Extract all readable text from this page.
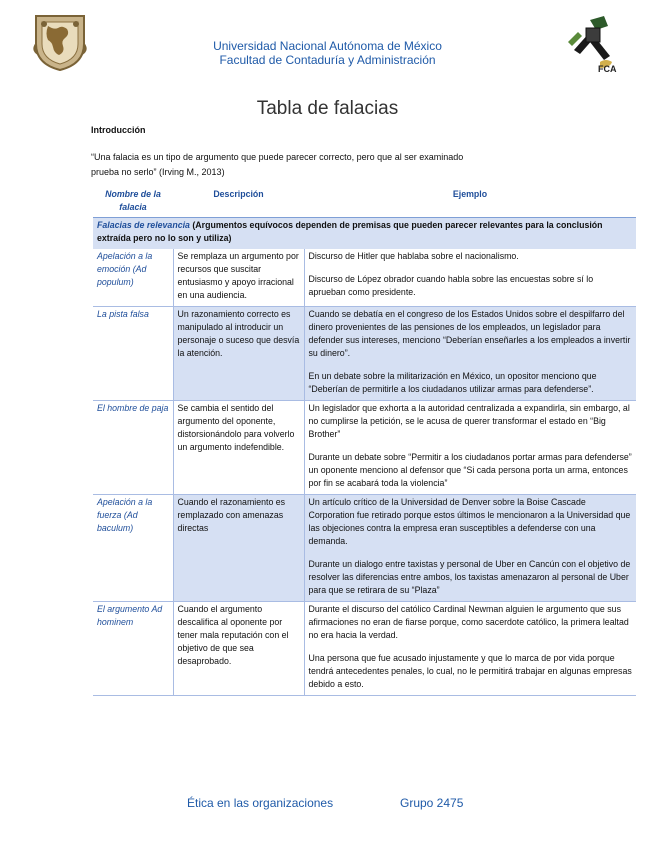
FCA
Universidad Nacional Autónoma de México
Facultad de Contaduría y Administración
Tabla de falacias
Introducción
“Una falacia es un tipo de argumento que puede parecer correcto, pero que al ser examinado
prueba no serlo” (Irving M., 2013)
Nombre de la falacia	Descripción	Ejemplo
Falacias de relevancia (Argumentos equívocos dependen de premisas que pueden parecer relevantes para la conclusión extraída pero no lo son y utiliza)		
Apelación a la emoción (Ad populum)	Se remplaza un argumento por recursos que suscitar entusiasmo y apoyo irracional en una audiencia.	Discurso de Hitler que hablaba sobre el nacionalismo.

Discurso de López obrador cuando habla sobre las encuestas sobre sí lo aprueban como presidente.

La pista falsa	Un razonamiento correcto es manipulado al introducir un personaje o suceso que desvía la atención.	Cuando se debatía en el congreso de los Estados Unidos sobre el despilfarro del dinero provenientes de las pensiones de los empleados, un legislador para defender sus intereses, menciono “Deberían enseñarles a los empleados a invertir su dinero”.

En un debate sobre la militarización en México, un opositor menciono que “Deberían de permitirle a los ciudadanos utilizar armas para defenderse”.

El hombre de paja	Se cambia el sentido del argumento del oponente, distorsionándolo para volverlo un argumento indefendible.	Un legislador que exhorta a la autoridad centralizada a expandirla, sin embargo, al no cumplirse la petición, se le acusa de querer transformar el estado en “Big Brother”

Durante un debate sobre “Permitir a los ciudadanos portar armas para defenderse” un oponente menciono al defensor que “Si cada persona porta un arma, entonces por fin se acabará toda la violencia”

Apelación a la fuerza (Ad baculum)	Cuando el razonamiento es remplazado con amenazas directas	Un artículo crítico de la Universidad de Denver sobre la Boise Cascade Corporation fue retirado porque estos últimos le mencionaron a la Universidad que las objeciones contra la empresa eran susceptibles a defenderse con una demanda.

Durante un dialogo entre taxistas y personal de Uber en Cancún con el objetivo de resolver las diferencias entre ambos, los taxistas amenazaron al personal de Uber para que se retirara de su “Plaza”

El argumento Ad hominem	Cuando el argumento descalifica al oponente por tener mala reputación con el objetivo de que sea desaprobado.	Durante el discurso del católico Cardinal Newman alguien le argumento que sus afirmaciones no eran de fiarse porque, como sacerdote católico, la primera lealtad no era hacia la verdad.

Una persona que fue acusado injustamente y que lo marca de por vida porque tendrá antecedentes penales, lo cual, no le permitirá trabajar en algunas empresas debido a esto.

Ética en las organizaciones	Grupo 2475
